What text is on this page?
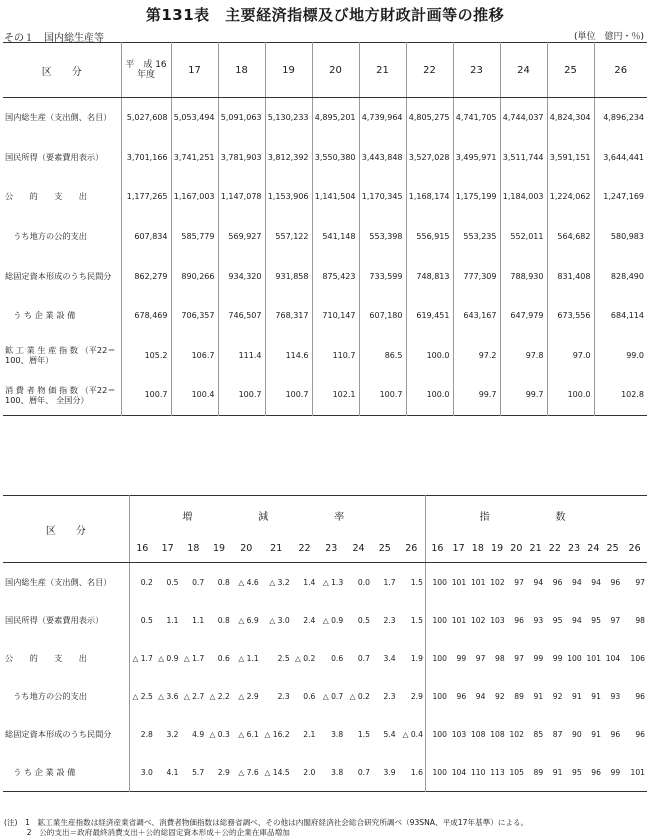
第131表　主要経済指標及び地方財政計画等の推移
その１　国内総生産等	(単位　億円・％)
区　　分	平　成 16年度	17	18	19	20	21	22	23	24	25	26
国内総生産（支出側、名目）	5,027,608	5,053,494	5,091,063	5,130,233	4,895,201	4,739,964	4,805,275	4,741,705	4,744,037	4,824,304	4,896,234
国民所得（要素費用表示）	3,701,166	3,741,251	3,781,903	3,812,392	3,550,380	3,443,848	3,527,028	3,495,971	3,511,744	3,591,151	3,644,441
公　　的　　支　　出	1,177,265	1,167,003	1,147,078	1,153,906	1,141,504	1,170,345	1,168,174	1,175,199	1,184,003	1,224,062	1,247,169
　うち地方の公的支出	607,834	585,779	569,927	557,122	541,148	553,398	556,915	553,235	552,011	564,682	580,983
総固定資本形成のうち民間分	862,279	890,266	934,320	931,858	875,423	733,599	748,813	777,309	788,930	831,408	828,490
　う ち 企 業 設 備	678,469	706,357	746,507	768,317	710,147	607,180	619,451	643,167	647,979	673,556	684,114
鉱 工 業 生 産 指 数 （平22＝100、暦年）	105.2	106.7	111.4	114.6	110.7	86.5	100.0	97.2	97.8	97.0	99.0
消 費 者 物 価 指 数 （平22＝100、暦年、 全国分）	100.7	100.4	100.7	100.7	102.1	100.7	100.0	99.7	99.7	100.0	102.8
区　　分	増　減　率											指　数										
	16	17	18	19	20	21	22	23	24	25	26	16	17	18	19	20	21	22	23	24	25	26
国内総生産（支出側、名目）	0.2	0.5	0.7	0.8	△ 4.6	△ 3.2	1.4	△ 1.3	0.0	1.7	1.5	100	101	101	102	97	94	96	94	94	96	97
国民所得（要素費用表示）	0.5	1.1	1.1	0.8	△ 6.9	△ 3.0	2.4	△ 0.9	0.5	2.3	1.5	100	101	102	103	96	93	95	94	95	97	98
公　　的　　支　　出	△ 1.7	△ 0.9	△ 1.7	0.6	△ 1.1	2.5	△ 0.2	0.6	0.7	3.4	1.9	100	99	97	98	97	99	99	100	101	104	106
　うち地方の公的支出	△ 2.5	△ 3.6	△ 2.7	△ 2.2	△ 2.9	2.3	0.6	△ 0.7	△ 0.2	2.3	2.9	100	96	94	92	89	91	92	91	91	93	96
総固定資本形成のうち民間分	2.8	3.2	4.9	△ 0.3	△ 6.1	△ 16.2	2.1	3.8	1.5	5.4	△ 0.4	100	103	108	108	102	85	87	90	91	96	96
　う ち 企 業 設 備	3.0	4.1	5.7	2.9	△ 7.6	△ 14.5	2.0	3.8	0.7	3.9	1.6	100	104	110	113	105	89	91	95	96	99	101
(注)　1　鉱工業生産指数は経済産業省調べ、消費者物価指数は総務省調べ、その他は内閣府経済社会総合研究所調べ（93SNA、平成17年基準）による。
　　　2　公的支出＝政府最終消費支出＋公的総固定資本形成＋公的企業在庫品増加
